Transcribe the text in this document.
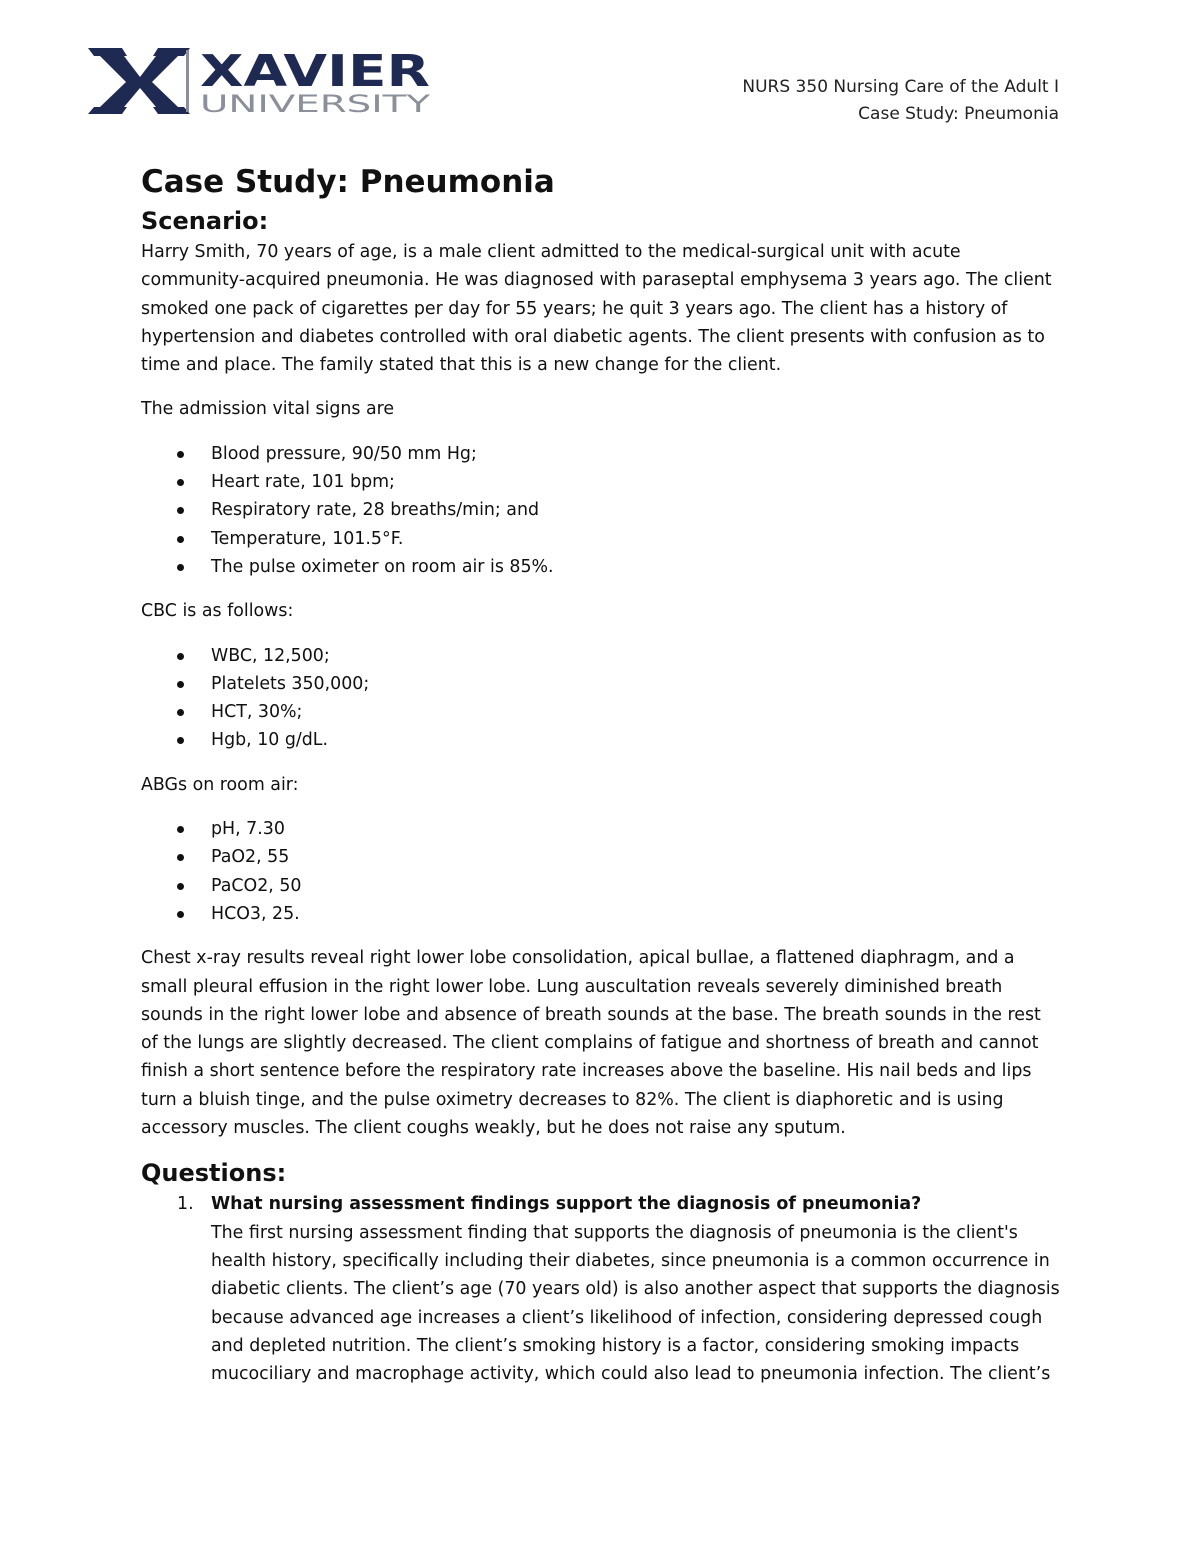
XAVIER
UNIVERSITY
NURS 350 Nursing Care of the Adult I
Case Study: Pneumonia
Case Study: Pneumonia
Scenario:

Harry Smith, 70 years of age, is a male client admitted to the medical-surgical unit with acute community-acquired pneumonia. He was diagnosed with paraseptal emphysema 3 years ago. The client smoked one pack of cigarettes per day for 55 years; he quit 3 years ago. The client has a history of hypertension and diabetes controlled with oral diabetic agents. The client presents with confusion as to time and place. The family stated that this is a new change for the client.

The admission vital signs are

Blood pressure, 90/50 mm Hg;
Heart rate, 101 bpm;
Respiratory rate, 28 breaths/min; and
Temperature, 101.5°F.
The pulse oximeter on room air is 85%.

CBC is as follows:

WBC, 12,500;
Platelets 350,000;
HCT, 30%;
Hgb, 10 g/dL.

ABGs on room air:

pH, 7.30
PaO2, 55
PaCO2, 50
HCO3, 25.

Chest x-ray results reveal right lower lobe consolidation, apical bullae, a flattened diaphragm, and a small pleural effusion in the right lower lobe. Lung auscultation reveals severely diminished breath sounds in the right lower lobe and absence of breath sounds at the base. The breath sounds in the rest of the lungs are slightly decreased. The client complains of fatigue and shortness of breath and cannot finish a short sentence before the respiratory rate increases above the baseline. His nail beds and lips turn a bluish tinge, and the pulse oximetry decreases to 82%. The client is diaphoretic and is using accessory muscles. The client coughs weakly, but he does not raise any sputum.

Questions:
1. What nursing assessment findings support the diagnosis of pneumonia?
The first nursing assessment finding that supports the diagnosis of pneumonia is the client's health history, specifically including their diabetes, since pneumonia is a common occurrence in diabetic clients. The client’s age (70 years old) is also another aspect that supports the diagnosis because advanced age increases a client’s likelihood of infection, considering depressed cough and depleted nutrition. The client’s smoking history is a factor, considering smoking impacts mucociliary and macrophage activity, which could also lead to pneumonia infection. The client’s
